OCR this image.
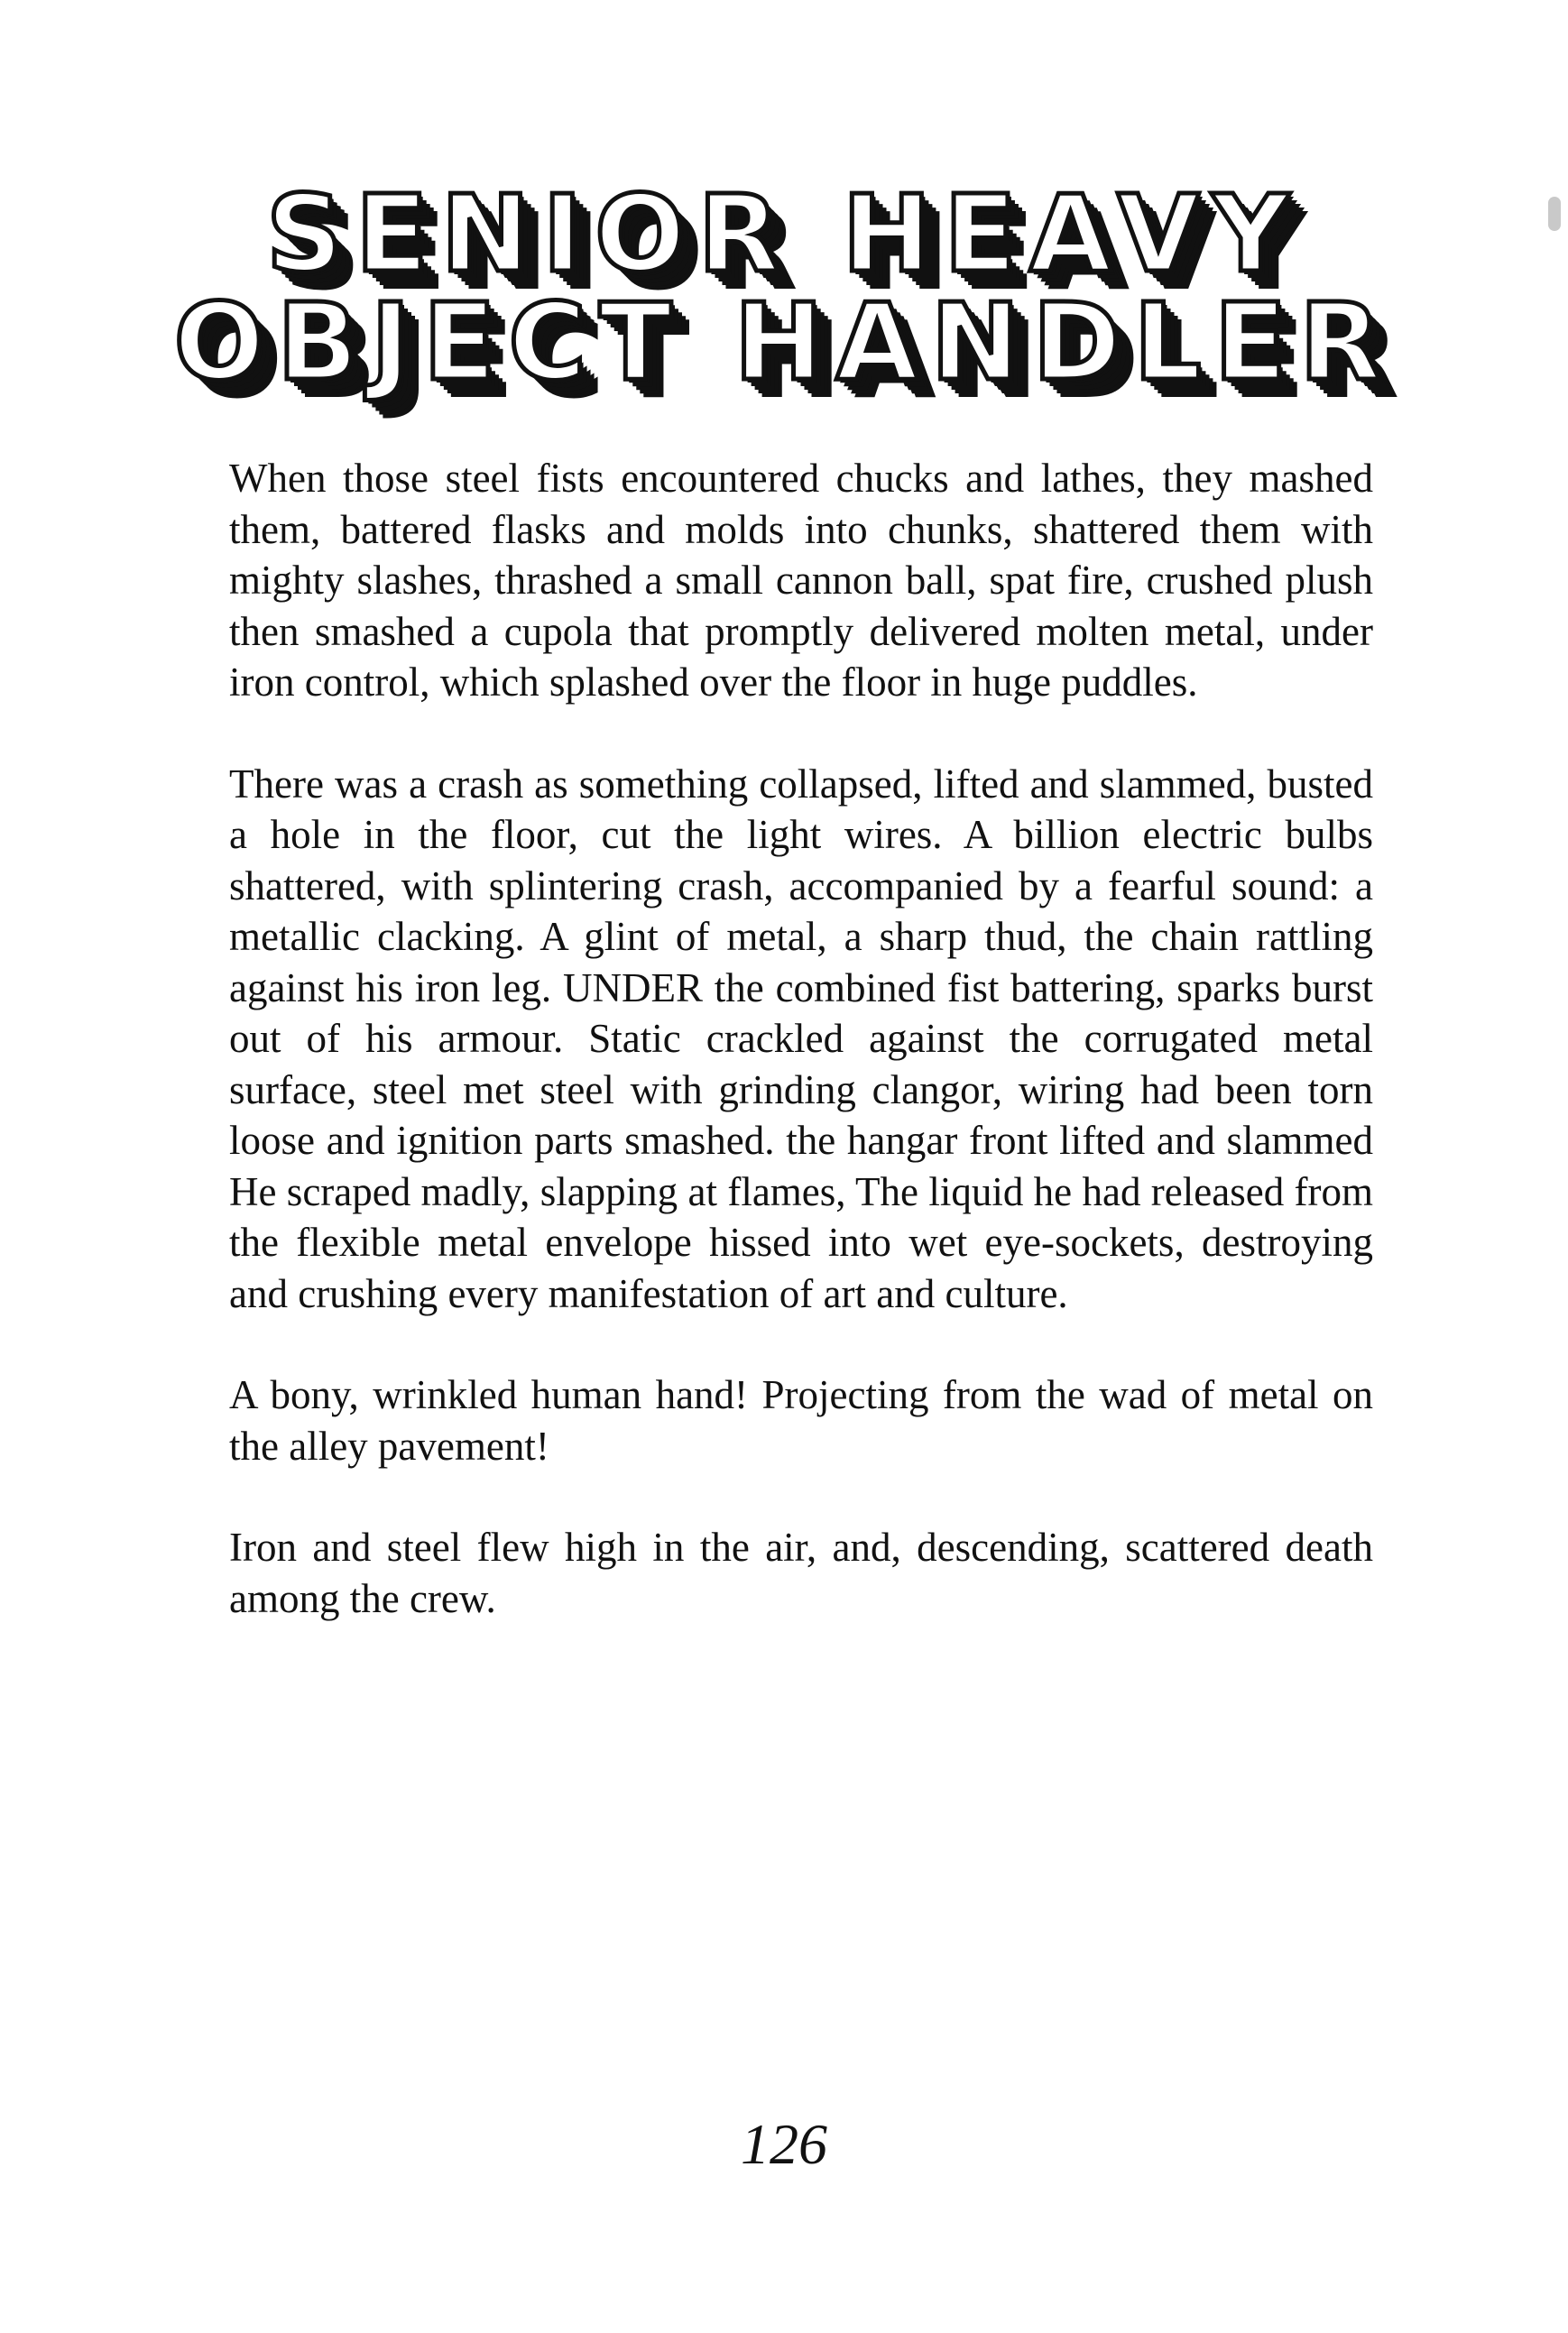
SENIOR HEAVY
OBJECT HANDLER

When those steel fists encountered chucks and lathes, they mashed them, battered flasks and molds into chunks, shattered them with mighty slashes, thrashed a small cannon ball, spat fire, crushed plush then smashed a cupola that promptly delivered molten metal, under iron control, which splashed over the floor in huge puddles.

There was a crash as something collapsed, lifted and slammed, busted a hole in the floor, cut the light wires. A billion electric bulbs shattered, with splintering crash, accompanied by a fearful sound: a metallic clacking. A glint of metal, a sharp thud, the chain rattling against his iron leg. UNDER the combined fist battering, sparks burst out of his armour. Static crackled against the corrugated metal surface, steel met steel with grinding clangor, wiring had been torn loose and ignition parts smashed. the hangar front lifted and slammed He scraped madly, slapping at flames, The liquid he had released from the flexible metal envelope hissed into wet eye-sockets, destroying and crushing every manifestation of art and culture.

A bony, wrinkled human hand! Projecting from the wad of metal on the alley pavement!

Iron and steel flew high in the air, and, descending, scattered death among the crew.

126
